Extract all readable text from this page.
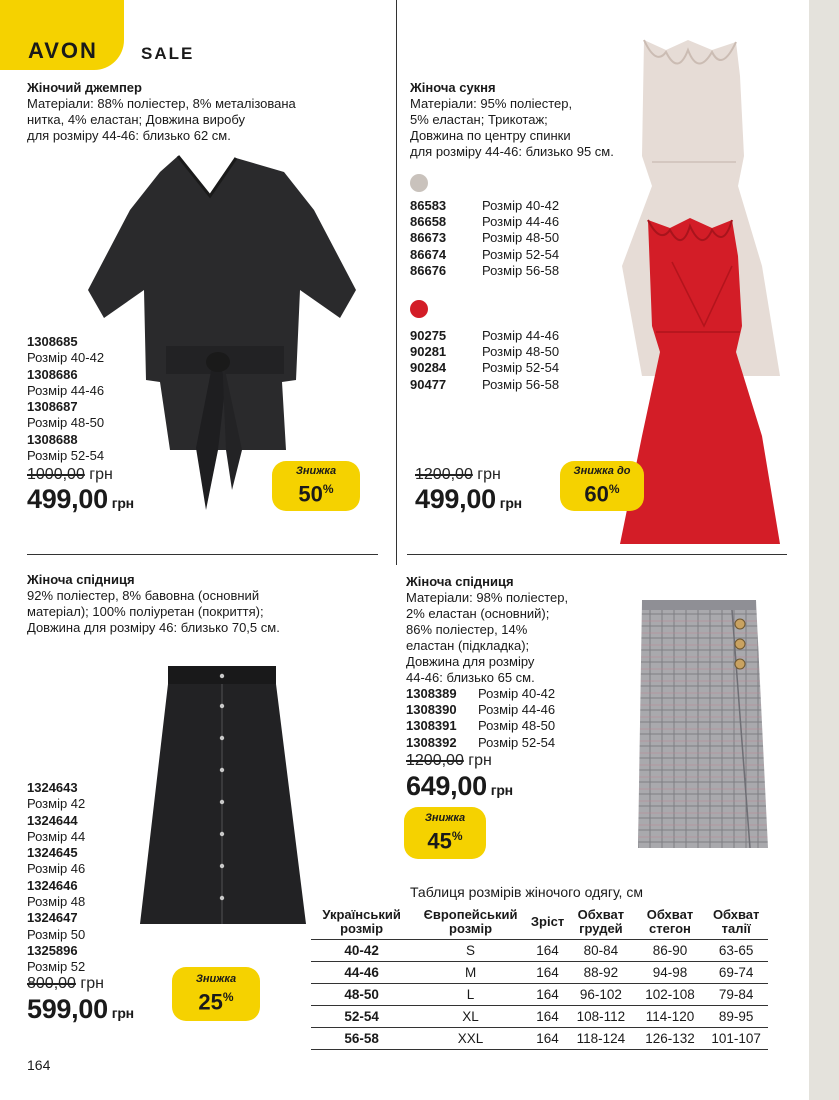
AVON	SALE
Жіночий джемпер
Матеріали: 88% поліестер, 8% металізована
нитка, 4% еластан; Довжина виробу
для розміру 44-46: близько 62 см.
1308685
Розмір 40-42
1308686
Розмір 44-46
1308687
Розмір 48-50
1308688
Розмір 52-54
1000,00 грн
499,00 грн
Знижка
50%
Жіноча сукня
Матеріали: 95% поліестер,
5% еластан; Трикотаж;
Довжина по центру спинки
для розміру 44-46: близько 95 см.
86583	Розмір 40-42
86658	Розмір 44-46
86673	Розмір 48-50
86674	Розмір 52-54
86676	Розмір 56-58
90275	Розмір 44-46
90281	Розмір 48-50
90284	Розмір 52-54
90477	Розмір 56-58
1200,00 грн
499,00 грн
Знижка до
60%
Жіноча спідниця
92% поліестер, 8% бавовна (основний
матеріал); 100% поліуретан (покриття);
Довжина для розміру 46: близько 70,5 см.
1324643
Розмір 42
1324644
Розмір 44
1324645
Розмір 46
1324646
Розмір 48
1324647
Розмір 50
1325896
Розмір 52
800,00 грн
599,00 грн
Знижка
25%
Жіноча спідниця
Матеріали: 98% поліестер,
2% еластан (основний);
86% поліестер, 14%
еластан (підкладка);
Довжина для розміру
44-46: близько 65 см.
1308389	Розмір 40-42
1308390	Розмір 44-46
1308391	Розмір 48-50
1308392	Розмір 52-54
1200,00 грн
649,00 грн
Знижка
45%
Таблиця розмірів жіночого одягу, см
Український розмір	Європейський розмір	Зріст	Обхват грудей	Обхват стегон	Обхват талії
40-42	S	164	80-84	86-90	63-65
44-46	M	164	88-92	94-98	69-74
48-50	L	164	96-102	102-108	79-84
52-54	XL	164	108-112	114-120	89-95
56-58	XXL	164	118-124	126-132	101-107
164
